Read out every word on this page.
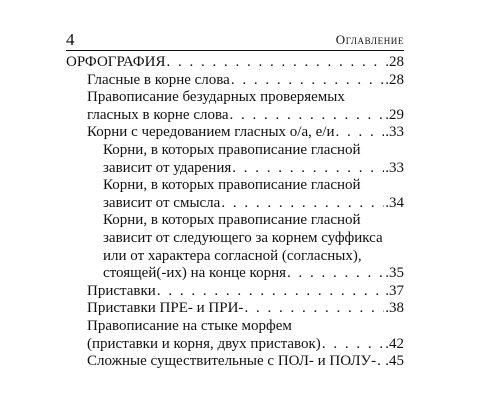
4	Оглавление
ОРФОГРАФИЯ . . .	.28
Гласные в корне слова . . .	.28
Правописание безударных проверяемых
гласных в корне слова . . .	.29
Корни с чередованием гласных о/а, е/и . . .	.33
Корни, в которых правописание гласной
зависит от ударения . . .	.33
Корни, в которых правописание гласной
зависит от смысла . . .	.34
Корни, в которых правописание гласной
зависит от следующего за корнем суффикса
или от характера согласной (согласных),
стоящей(-их) на конце корня . . .	.35
Приставки . . .	.37
Приставки ПРЕ- и ПРИ- . . .	.38
Правописание на стыке морфем
(приставки и корня, двух приставок) . . .	.42
Сложные существительные с ПОЛ- и ПОЛУ- . . . .45
